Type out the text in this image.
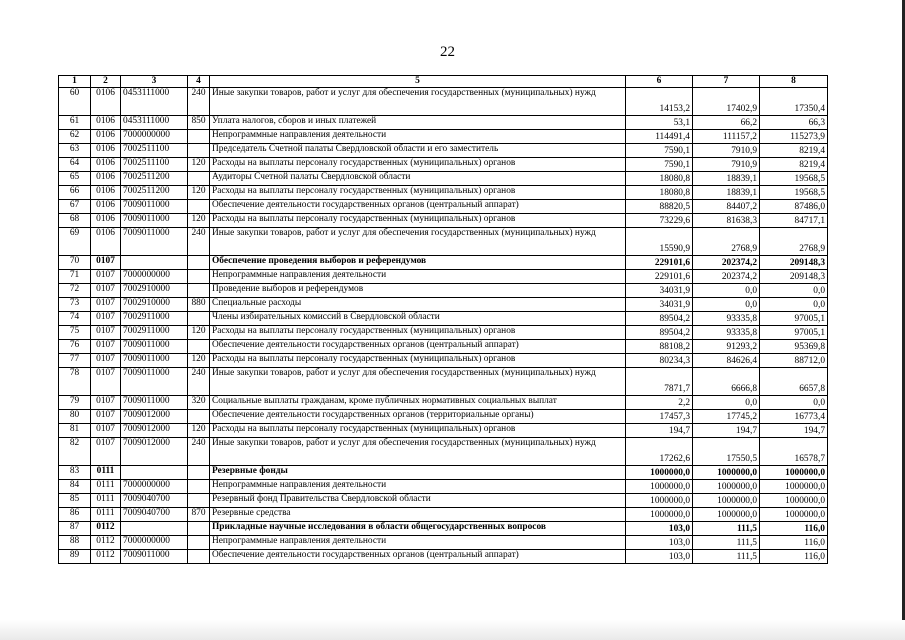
22
1	2	3	4	5	6	7	8
60	0106	0453111000	240	Иные закупки товаров, работ и услуг для обеспечения государственных (муниципальных) нужд	14153,2	17402,9	17350,4
61	0106	0453111000	850	Уплата налогов, сборов и иных платежей	53,1	66,2	66,3
62	0106	7000000000		Непрограммные направления деятельности	114491,4	111157,2	115273,9
63	0106	7002511100		Председатель Счетной палаты Свердловской области и его заместитель	7590,1	7910,9	8219,4
64	0106	7002511100	120	Расходы на выплаты персоналу государственных (муниципальных) органов	7590,1	7910,9	8219,4
65	0106	7002511200		Аудиторы Счетной палаты Свердловской области	18080,8	18839,1	19568,5
66	0106	7002511200	120	Расходы на выплаты персоналу государственных (муниципальных) органов	18080,8	18839,1	19568,5
67	0106	7009011000		Обеспечение деятельности государственных органов (центральный аппарат)	88820,5	84407,2	87486,0
68	0106	7009011000	120	Расходы на выплаты персоналу государственных (муниципальных) органов	73229,6	81638,3	84717,1
69	0106	7009011000	240	Иные закупки товаров, работ и услуг для обеспечения государственных (муниципальных) нужд	15590,9	2768,9	2768,9
70	0107			Обеспечение проведения выборов и референдумов	229101,6	202374,2	209148,3
71	0107	7000000000		Непрограммные направления деятельности	229101,6	202374,2	209148,3
72	0107	7002910000		Проведение выборов и референдумов	34031,9	0,0	0,0
73	0107	7002910000	880	Специальные расходы	34031,9	0,0	0,0
74	0107	7002911000		Члены избирательных комиссий в Свердловской области	89504,2	93335,8	97005,1
75	0107	7002911000	120	Расходы на выплаты персоналу государственных (муниципальных) органов	89504,2	93335,8	97005,1
76	0107	7009011000		Обеспечение деятельности государственных органов (центральный аппарат)	88108,2	91293,2	95369,8
77	0107	7009011000	120	Расходы на выплаты персоналу государственных (муниципальных) органов	80234,3	84626,4	88712,0
78	0107	7009011000	240	Иные закупки товаров, работ и услуг для обеспечения государственных (муниципальных) нужд	7871,7	6666,8	6657,8
79	0107	7009011000	320	Социальные выплаты гражданам, кроме публичных нормативных социальных выплат	2,2	0,0	0,0
80	0107	7009012000		Обеспечение деятельности государственных органов (территориальные органы)	17457,3	17745,2	16773,4
81	0107	7009012000	120	Расходы на выплаты персоналу государственных (муниципальных) органов	194,7	194,7	194,7
82	0107	7009012000	240	Иные закупки товаров, работ и услуг для обеспечения государственных (муниципальных) нужд	17262,6	17550,5	16578,7
83	0111			Резервные фонды	1000000,0	1000000,0	1000000,0
84	0111	7000000000		Непрограммные направления деятельности	1000000,0	1000000,0	1000000,0
85	0111	7009040700		Резервный фонд Правительства Свердловской области	1000000,0	1000000,0	1000000,0
86	0111	7009040700	870	Резервные средства	1000000,0	1000000,0	1000000,0
87	0112			Прикладные научные исследования в области общегосударственных вопросов	103,0	111,5	116,0
88	0112	7000000000		Непрограммные направления деятельности	103,0	111,5	116,0
89	0112	7009011000		Обеспечение деятельности государственных органов (центральный аппарат)	103,0	111,5	116,0
